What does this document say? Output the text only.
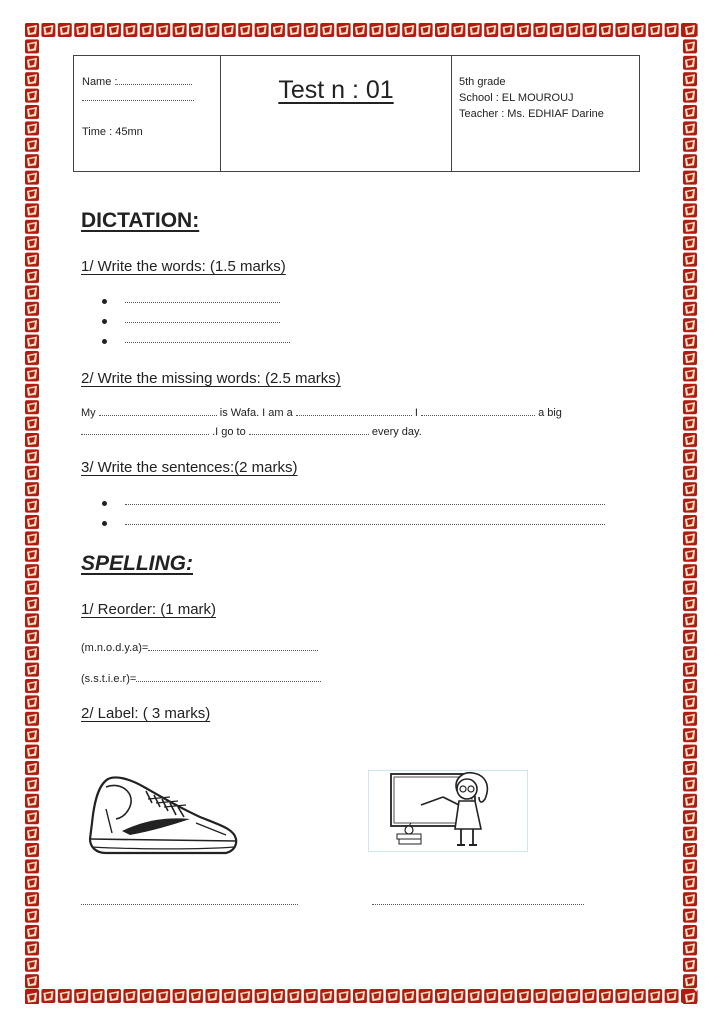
Name :
Time : 45mn
Test n : 01	5th grade
School : EL MOUROUJ
Teacher : Ms. EDHIAF Darine
DICTATION:
1/ Write the words: (1.5 marks)
2/ Write the missing words: (2.5 marks)
My	is Wafa. I am a	I	a big
.I go to	every day.
3/ Write the sentences:(2 marks)
SPELLING:
1/ Reorder: (1 mark)
(m.n.o.d.y.a)=
(s.s.t.i.e.r)=
2/ Label: ( 3 marks)
